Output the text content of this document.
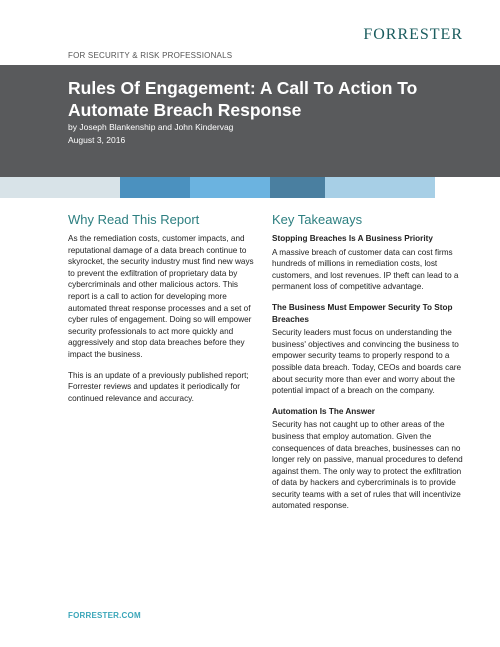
FOR SECURITY & RISK PROFESSIONALS
FORRESTER
Rules Of Engagement: A Call To Action To Automate Breach Response
by Joseph Blankenship and John Kindervag
August 3, 2016
Why Read This Report

As the remediation costs, customer impacts, and reputational damage of a data breach continue to skyrocket, the security industry must find new ways to prevent the exfiltration of proprietary data by cybercriminals and other malicious actors. This report is a call to action for developing more automated threat response processes and a set of cyber rules of engagement. Doing so will empower security professionals to act more quickly and aggressively and stop data breaches before they impact the business.

This is an update of a previously published report; Forrester reviews and updates it periodically for continued relevance and accuracy.

Key Takeaways
Stopping Breaches Is A Business Priority
A massive breach of customer data can cost firms hundreds of millions in remediation costs, lost customers, and lost revenues. IP theft can lead to a permanent loss of competitive advantage.
The Business Must Empower Security To Stop Breaches
Security leaders must focus on understanding the business' objectives and convincing the business to empower security teams to properly respond to a possible data breach. Today, CEOs and boards care about security more than ever and worry about the potential impact of a breach on the company.
Automation Is The Answer
Security has not caught up to other areas of the business that employ automation. Given the consequences of data breaches, businesses can no longer rely on passive, manual procedures to defend against them. The only way to protect the exfiltration of data by hackers and cybercriminals is to provide security teams with a set of rules that will incentivize automated response.
FORRESTER.COM
